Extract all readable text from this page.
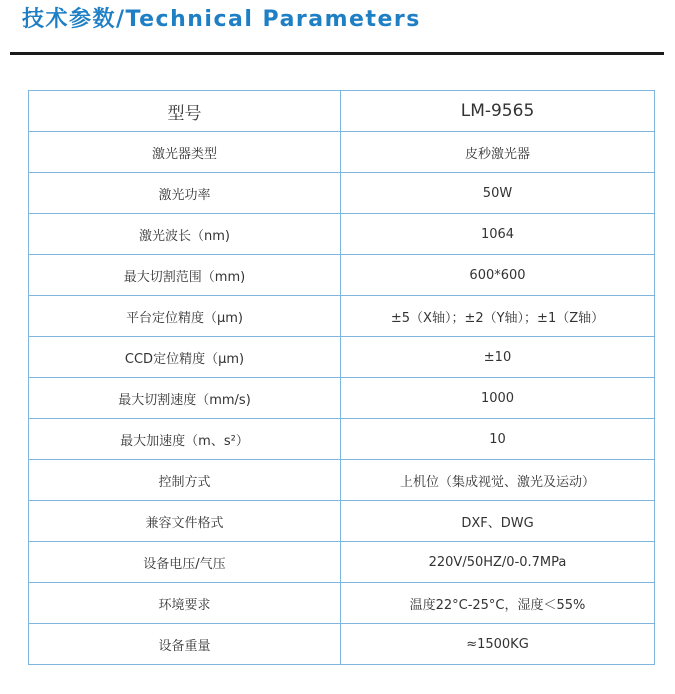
技术参数/Technical Parameters
型号	LM-9565
激光器类型	皮秒激光器
激光功率	50W
激光波长（nm)	1064
最大切割范围（mm)	600*600
平台定位精度（μm)	±5（X轴）；±2（Y轴）；±1（Z轴）
CCD定位精度（μm)	±10
最大切割速度（mm/s)	1000
最大加速度（m、s²）	10
控制方式	上机位（集成视觉、激光及运动）
兼容文件格式	DXF、DWG
设备电压/气压	220V/50HZ/0-0.7MPa
环境要求	温度22°C-25°C，湿度＜55%
设备重量	≈1500KG
